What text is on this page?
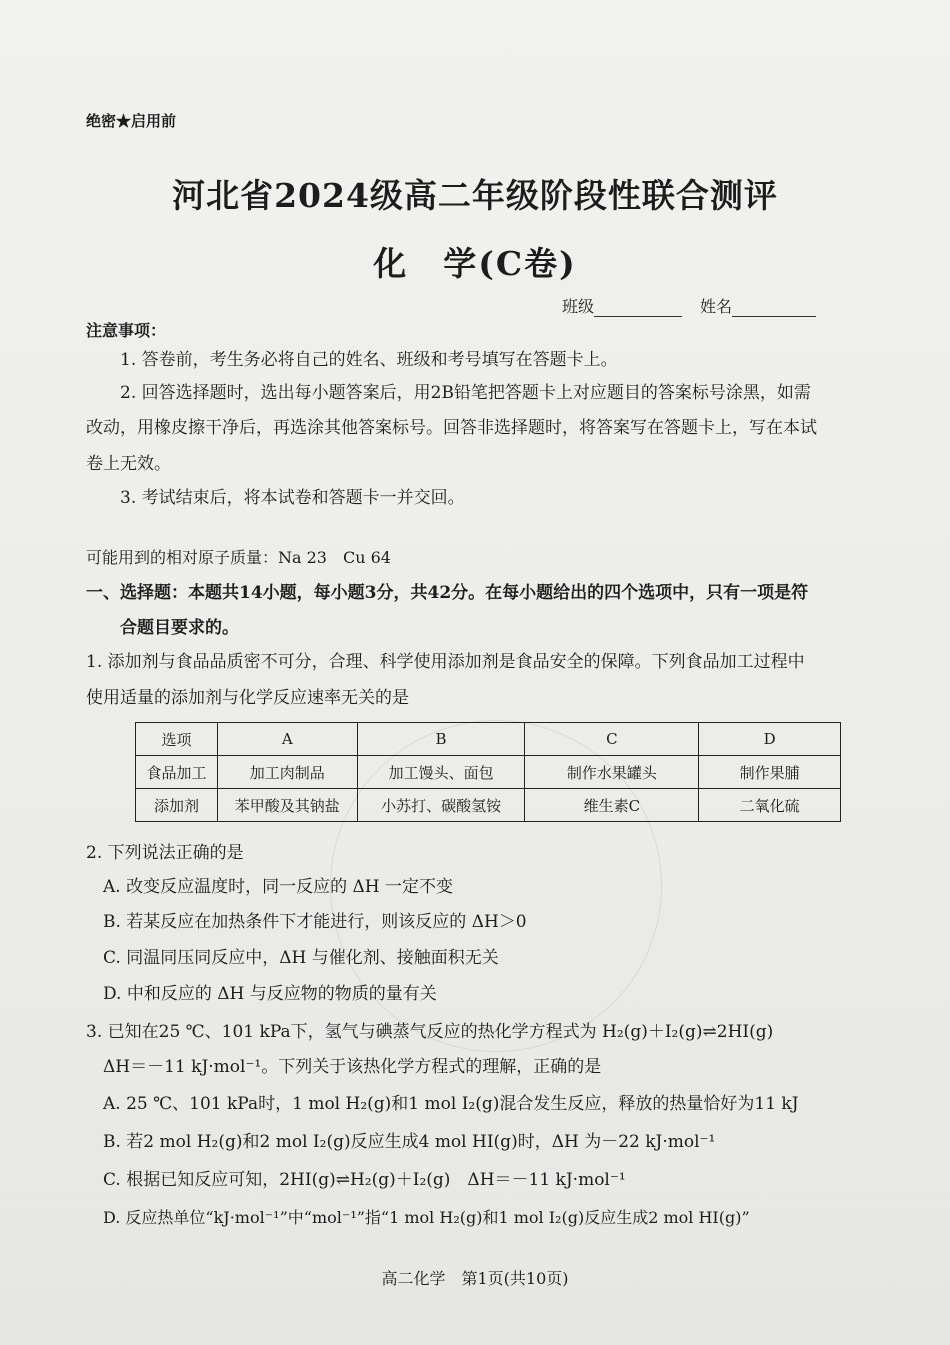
绝密★启用前
河北省2024级高二年级阶段性联合测评
化　学(C卷)
班级	姓名
注意事项：
1. 答卷前，考生务必将自己的姓名、班级和考号填写在答题卡上。
2. 回答选择题时，选出每小题答案后，用2B铅笔把答题卡上对应题目的答案标号涂黑，如需
改动，用橡皮擦干净后，再选涂其他答案标号。回答非选择题时，将答案写在答题卡上，写在本试
卷上无效。
3. 考试结束后，将本试卷和答题卡一并交回。
可能用到的相对原子质量：Na 23　Cu 64
一、选择题：本题共14小题，每小题3分，共42分。在每小题给出的四个选项中，只有一项是符
合题目要求的。
1. 添加剂与食品品质密不可分，合理、科学使用添加剂是食品安全的保障。下列食品加工过程中
使用适量的添加剂与化学反应速率无关的是
选项	A	B	C	D
食品加工	加工肉制品	加工馒头、面包	制作水果罐头	制作果脯
添加剂	苯甲酸及其钠盐	小苏打、碳酸氢铵	维生素C	二氧化硫
2. 下列说法正确的是
A. 改变反应温度时，同一反应的 ΔH 一定不变
B. 若某反应在加热条件下才能进行，则该反应的 ΔH＞0
C. 同温同压同反应中，ΔH 与催化剂、接触面积无关
D. 中和反应的 ΔH 与反应物的物质的量有关
3. 已知在25 ℃、101 kPa下，氢气与碘蒸气反应的热化学方程式为 H₂(g)＋I₂(g)⇌2HI(g)
ΔH＝－11 kJ·mol⁻¹。下列关于该热化学方程式的理解，正确的是
A. 25 ℃、101 kPa时，1 mol H₂(g)和1 mol I₂(g)混合发生反应，释放的热量恰好为11 kJ
B. 若2 mol H₂(g)和2 mol I₂(g)反应生成4 mol HI(g)时，ΔH 为－22 kJ·mol⁻¹
C. 根据已知反应可知，2HI(g)⇌H₂(g)＋I₂(g)　ΔH＝－11 kJ·mol⁻¹
D. 反应热单位“kJ·mol⁻¹”中“mol⁻¹”指“1 mol H₂(g)和1 mol I₂(g)反应生成2 mol HI(g)”
高二化学　第1页(共10页)
